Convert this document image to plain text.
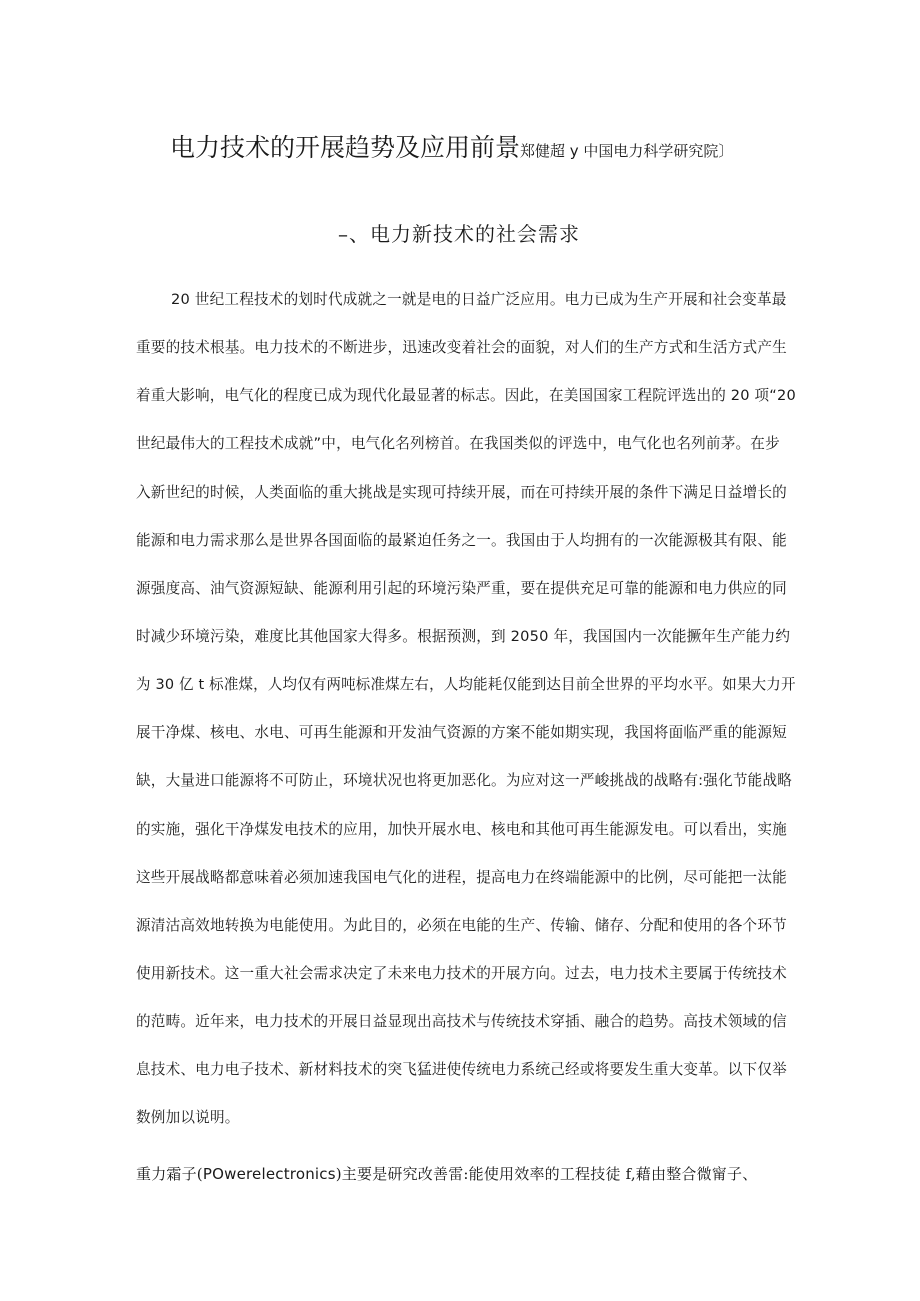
电力技术的开展趋势及应用前景郑健超 y 中国电力科学研究院〕
–、电力新技术的社会需求
20 世纪工程技术的划时代成就之一就是电的日益广泛应用。电力已成为生产开展和社会变革最
重要的技术根基。电力技术的不断进步，迅速改变着社会的面貌，对人们的生产方式和生活方式产生
着重大影响，电气化的程度已成为现代化最显著的标志。因此，在美国国家工程院评选出的 20 项“20
世纪最伟大的工程技术成就”中，电气化名列榜首。在我国类似的评选中，电气化也名列前茅。在步
入新世纪的时候，人类面临的重大挑战是实现可持续开展，而在可持续开展的条件下满足日益增长的
能源和电力需求那么是世界各国面临的最紧迫任务之一。我国由于人均拥有的一次能源极其有限、能
源强度高、油气资源短缺、能源利用引起的环境污染严重，要在提供充足可靠的能源和电力供应的同
时减少环境污染，难度比其他国家大得多。根据预测，到 2050 年，我国国内一次能撅年生产能力约
为 30 亿 t 标准煤，人均仅有两吨标准煤左右，人均能耗仅能到达目前全世界的平均水平。如果大力开
展干净煤、核电、水电、可再生能源和开发油气资源的方案不能如期实现，我国将面临严重的能源短
缺，大量进口能源将不可防止，环境状况也将更加恶化。为应对这一严峻挑战的战略有:强化节能战略
的实施，强化干净煤发电技术的应用，加快开展水电、核电和其他可再生能源发电。可以看出，实施
这些开展战略都意味着必须加速我国电气化的进程，提高电力在终端能源中的比例，尽可能把一汰能
源清沽高效地转换为电能使用。为此目的，必须在电能的生产、传输、储存、分配和使用的各个环节
使用新技术。这一重大社会需求决定了未来电力技术的开展方向。过去，电力技术主要属于传统技术
的范畴。近年来，电力技术的开展日益显现出高技术与传统技术穿插、融合的趋势。高技术领域的信
息技术、电力电子技术、新材料技术的突飞猛进使传统电力系统己经或将要发生重大变革。以下仅举
数例加以说明。
重力霜子(POwerelectronics)主要是研究改善雷:能使用效率的工程技徒 f,藉由整合微甯子、
